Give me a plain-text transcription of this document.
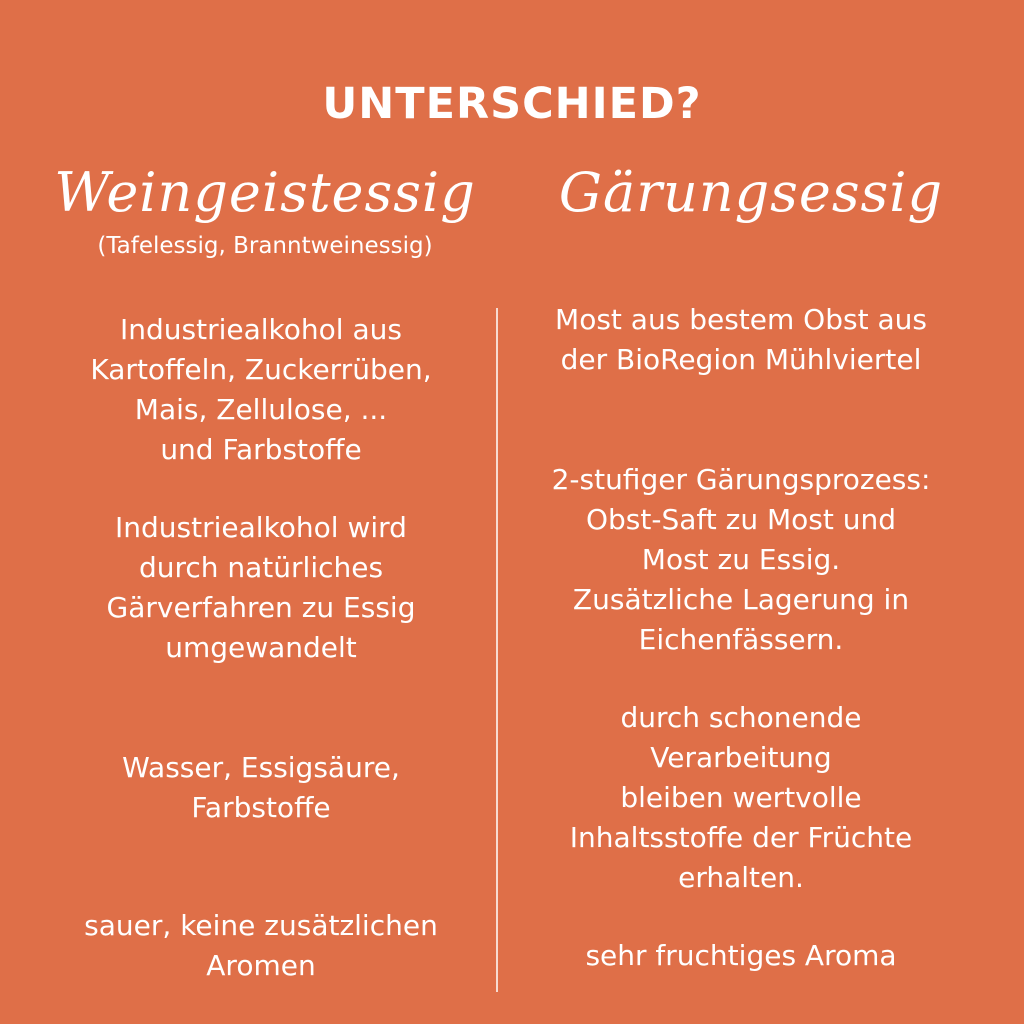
UNTERSCHIED?
Weingeistessig	Gärungsessig
(Tafelessig, Branntweinessig)
Industriealkohol aus
Kartoffeln, Zuckerrüben,
Mais, Zellulose, ...
und Farbstoffe
Industriealkohol wird
durch natürliches
Gärverfahren zu Essig
umgewandelt
Wasser, Essigsäure,
Farbstoffe
sauer, keine zusätzlichen
Aromen
Most aus bestem Obst aus
der BioRegion Mühlviertel
2-stufiger Gärungsprozess:
Obst-Saft zu Most und
Most zu Essig.
Zusätzliche Lagerung in
Eichenfässern.
durch schonende
Verarbeitung
bleiben wertvolle
Inhaltsstoffe der Früchte
erhalten.
sehr fruchtiges Aroma
